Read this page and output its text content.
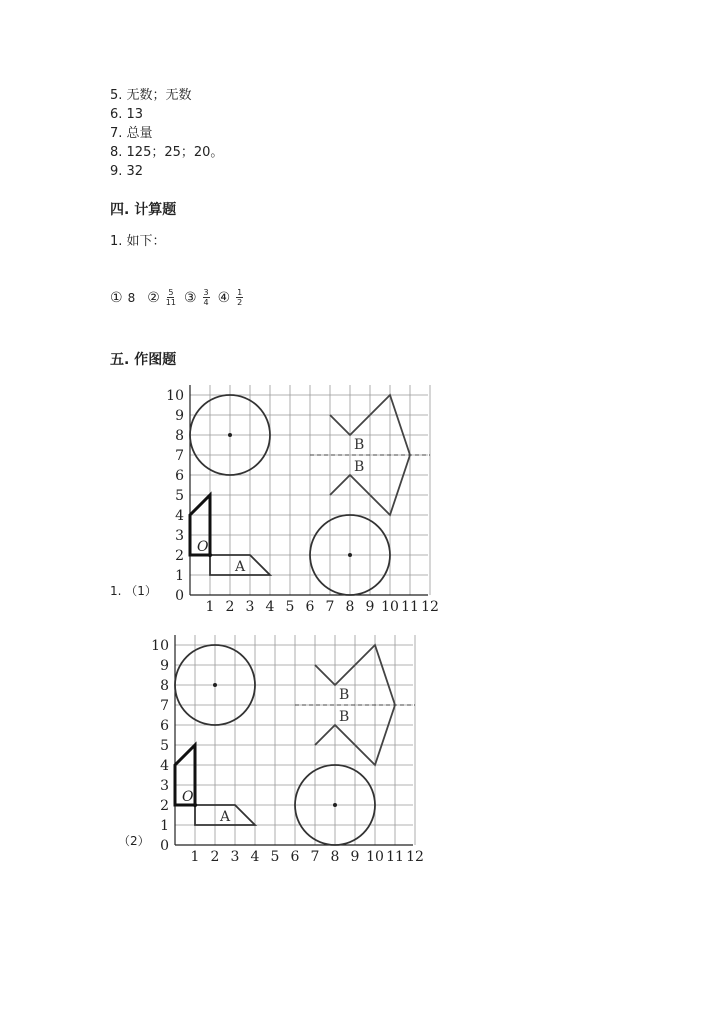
5. 无数；无数
6. 13
7. 总量
8. 125；25；20。
9. 32
四. 计算题
1. 如下：
① 8 ② $\frac{5}{11}$ ③ $\frac{3}{4}$ ④ $\frac{1}{2}$
五. 作图题
1. （1）
（2）
1 2 3 4 5 6 7 8 9 10 11 12
0
1
2
3
4
5
6
7
8
9
10
B
B
A
O
1 2 3 4 5 6 7 8 9 10 11 12
0
1
2
3
4
5
6
7
8
9
10
B
B
A
O
